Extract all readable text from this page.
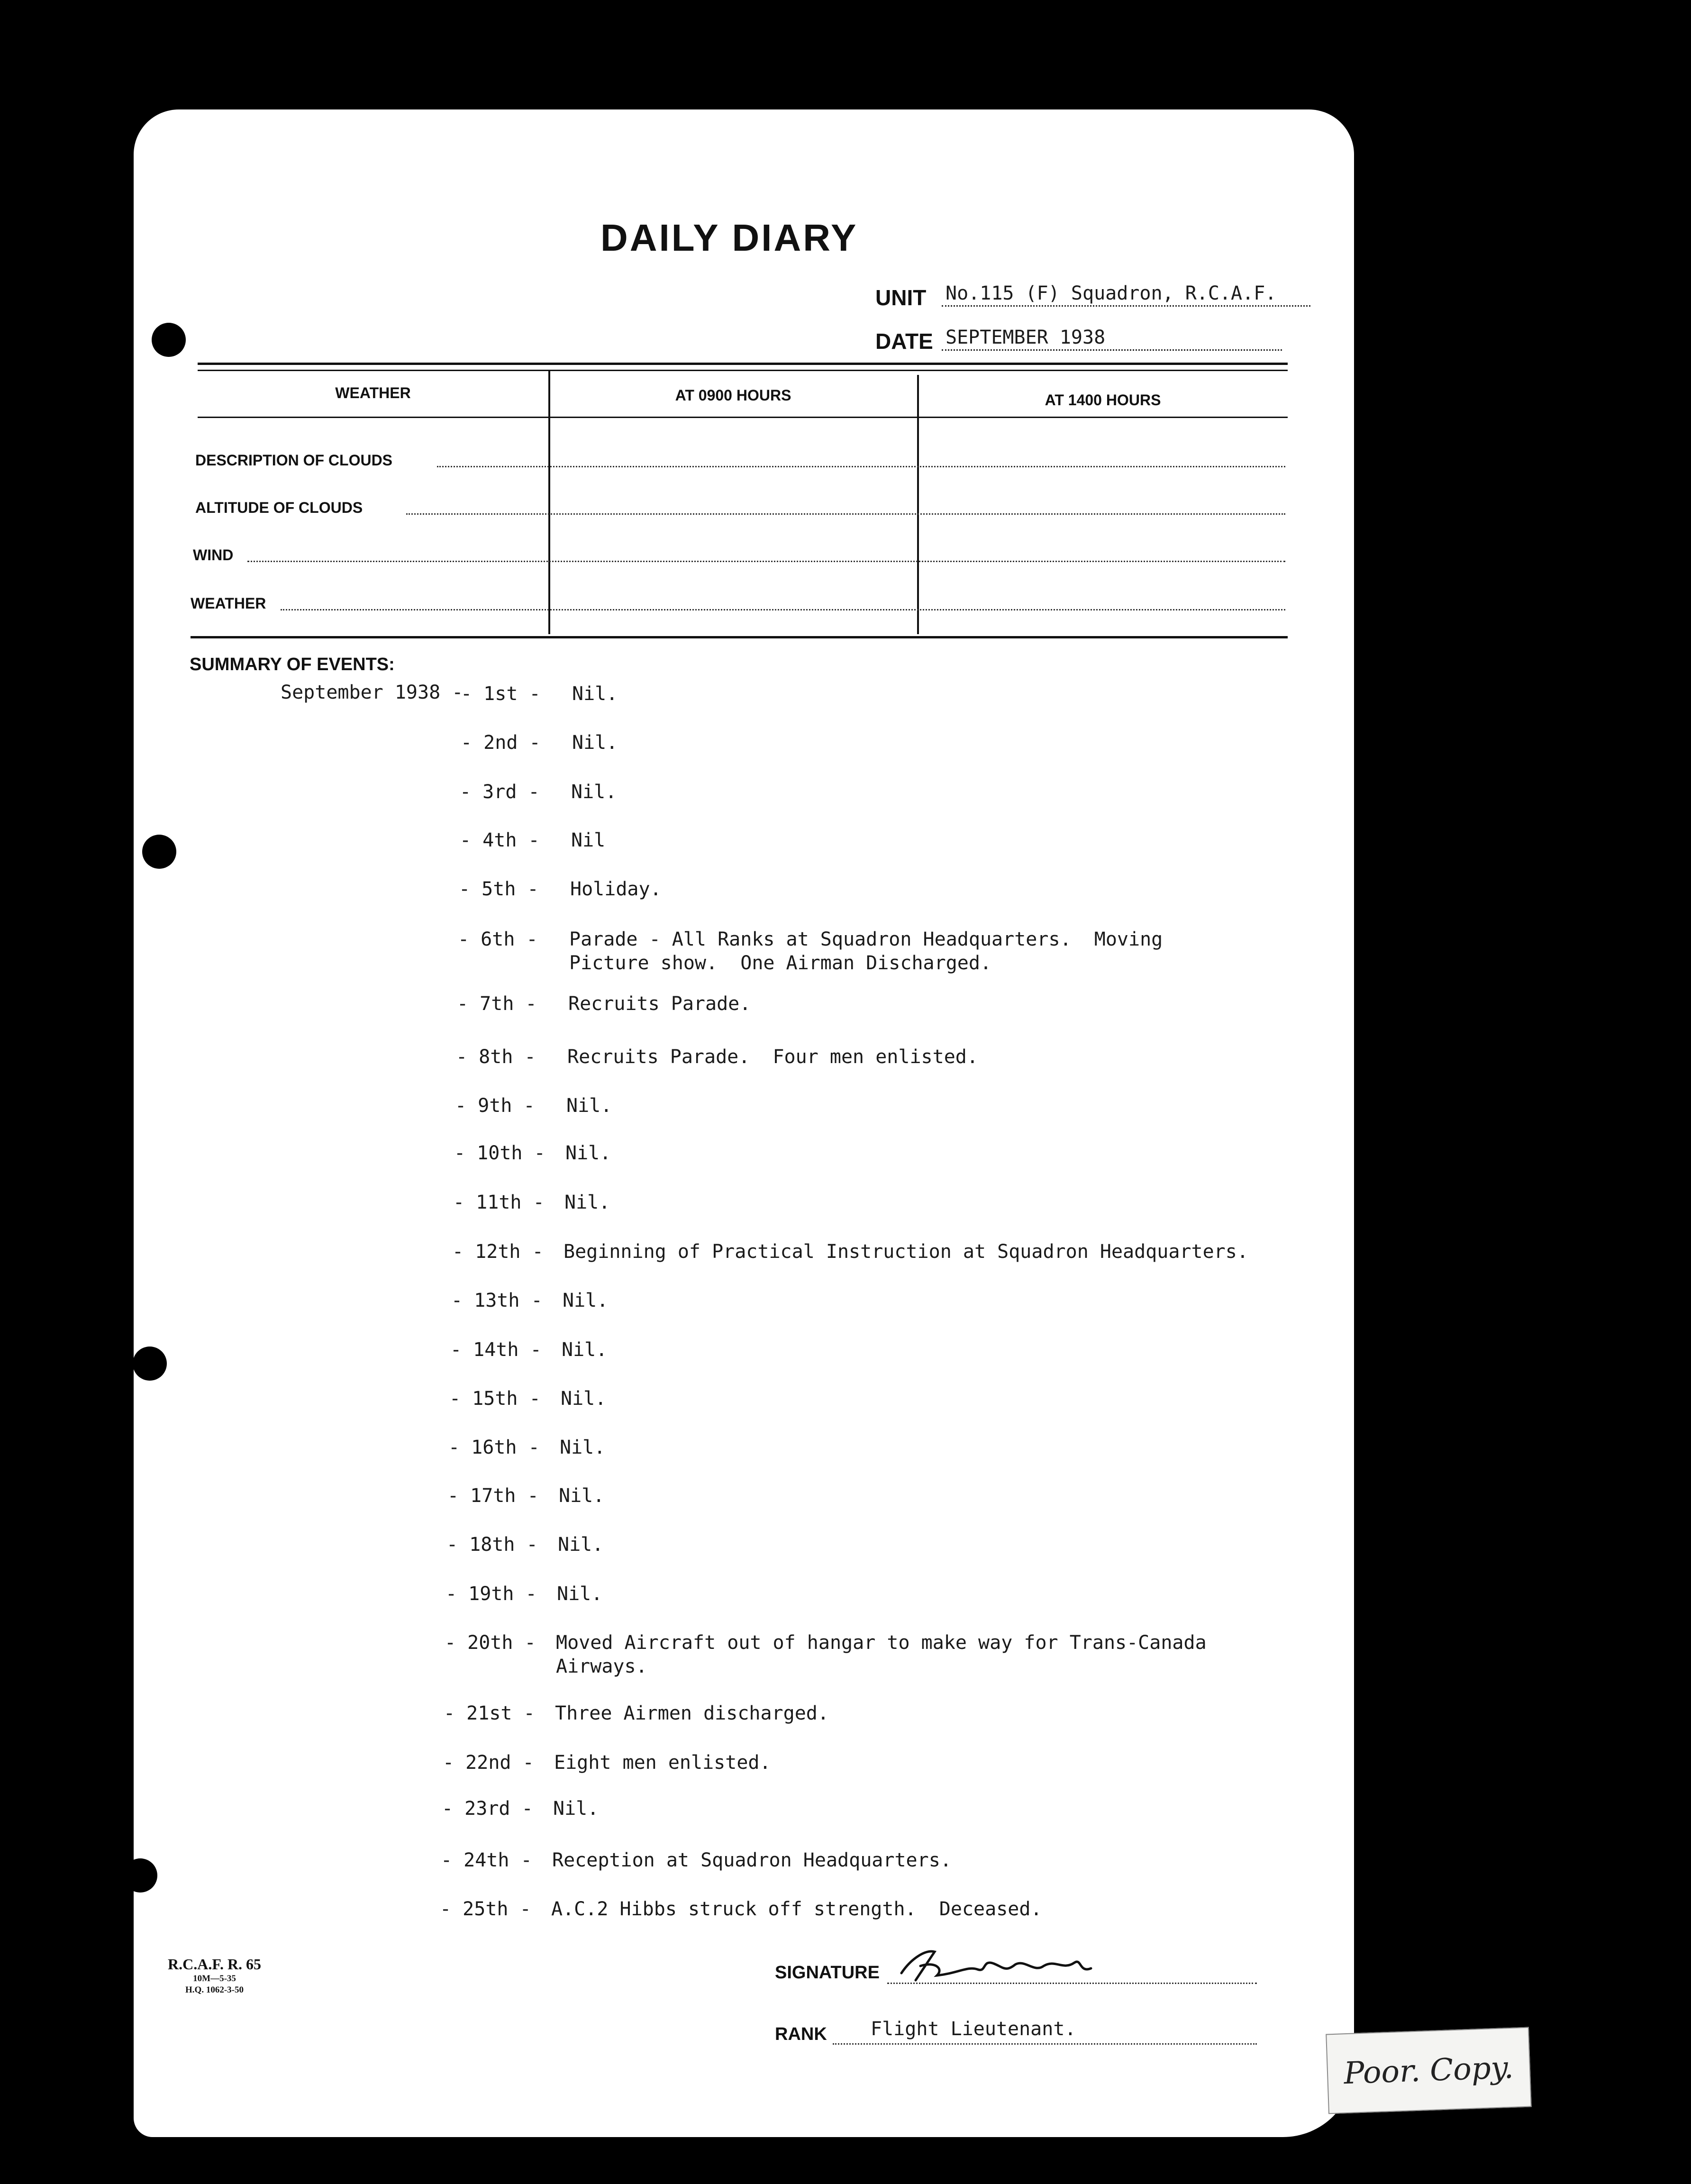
DAILY DIARY
UNIT No.115 (F) Squadron, R.C.A.F.
DATE SEPTEMBER 1938
WEATHER	AT 0900 HOURS	AT 1400 HOURS
DESCRIPTION OF CLOUDS
ALTITUDE OF CLOUDS
WIND
WEATHER
SUMMARY OF EVENTS:
September 1938 -
- 1st - Nil.
- 2nd - Nil.
- 3rd - Nil.
- 4th - Nil
- 5th - Holiday.
- 6th - Parade - All Ranks at Squadron Headquarters.  Moving
Picture show.  One Airman Discharged.
- 7th - Recruits Parade.
- 8th - Recruits Parade.  Four men enlisted.
- 9th - Nil.
- 10th - Nil.
- 11th - Nil.
- 12th - Beginning of Practical Instruction at Squadron Headquarters.
- 13th - Nil.
- 14th - Nil.
- 15th - Nil.
- 16th - Nil.
- 17th - Nil.
- 18th - Nil.
- 19th - Nil.
- 20th - Moved Aircraft out of hangar to make way for Trans-Canada
Airways.
- 21st - Three Airmen discharged.
- 22nd - Eight men enlisted.
- 23rd - Nil.
- 24th - Reception at Squadron Headquarters.
- 25th - A.C.2 Hibbs struck off strength.  Deceased.
SIGNATURE
RANK Flight Lieutenant.
R.C.A.F. R. 65
10M—5-35
H.Q. 1062-3-50
Poor. Copy.
